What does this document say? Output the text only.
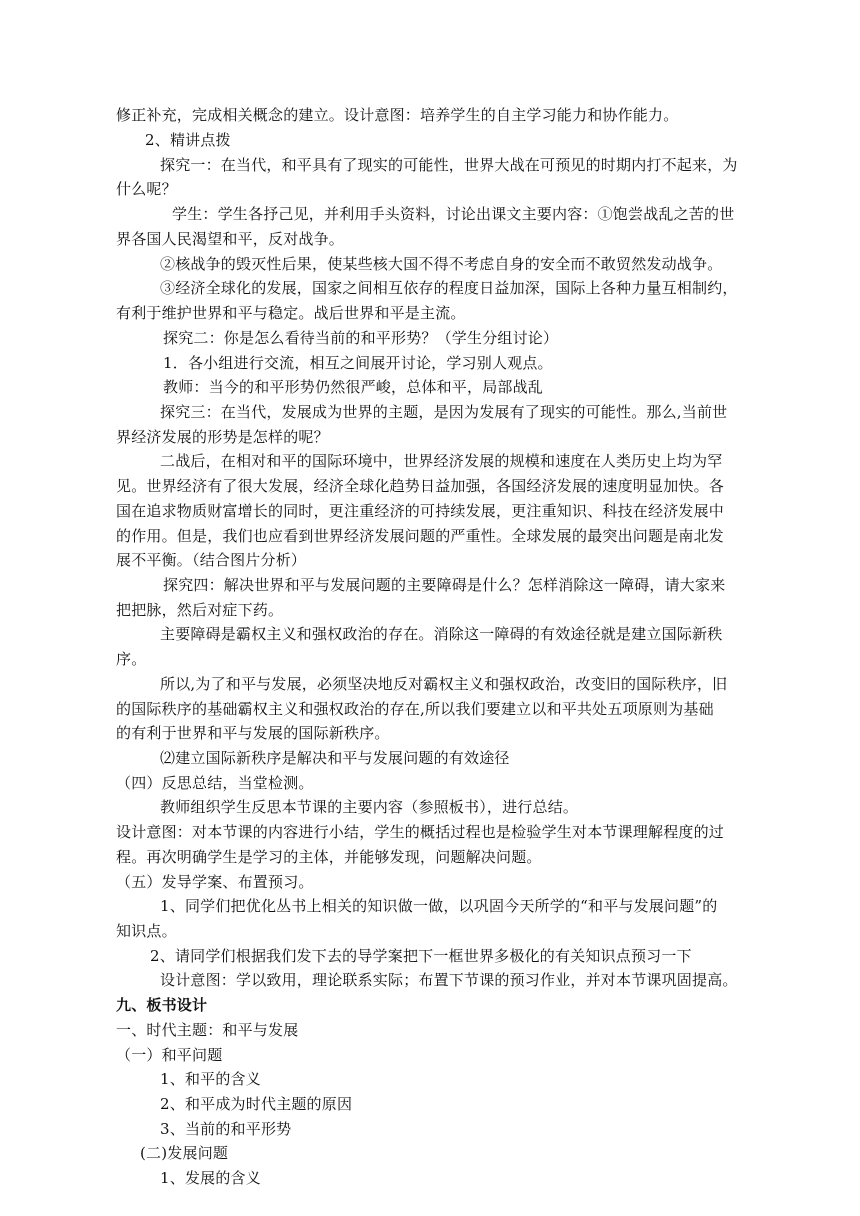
修正补充，完成相关概念的建立。设计意图：培养学生的自主学习能力和协作能力。
2、精讲点拨
探究一：在当代，和平具有了现实的可能性，世界大战在可预见的时期内打不起来，为
什么呢？
学生：学生各抒己见，并利用手头资料，讨论出课文主要内容：①饱尝战乱之苦的世
界各国人民渴望和平，反对战争。
②核战争的毁灭性后果，使某些核大国不得不考虑自身的安全而不敢贸然发动战争。
③经济全球化的发展，国家之间相互依存的程度日益加深，国际上各种力量互相制约，
有利于维护世界和平与稳定。战后世界和平是主流。
探究二：你是怎么看待当前的和平形势？（学生分组讨论）
1．各小组进行交流，相互之间展开讨论，学习别人观点。
教师：当今的和平形势仍然很严峻，总体和平，局部战乱
探究三：在当代，发展成为世界的主题，是因为发展有了现实的可能性。那么,当前世
界经济发展的形势是怎样的呢？
二战后，在相对和平的国际环境中，世界经济发展的规模和速度在人类历史上均为罕
见。世界经济有了很大发展，经济全球化趋势日益加强，各国经济发展的速度明显加快。各
国在追求物质财富增长的同时，更注重经济的可持续发展，更注重知识、科技在经济发展中
的作用。但是，我们也应看到世界经济发展问题的严重性。全球发展的最突出问题是南北发
展不平衡。（结合图片分析）
探究四：解决世界和平与发展问题的主要障碍是什么？怎样消除这一障碍，请大家来
把把脉，然后对症下药。
主要障碍是霸权主义和强权政治的存在。消除这一障碍的有效途径就是建立国际新秩
序。
所以,为了和平与发展，必须坚决地反对霸权主义和强权政治，改变旧的国际秩序，旧
的国际秩序的基础霸权主义和强权政治的存在,所以我们要建立以和平共处五项原则为基础
的有利于世界和平与发展的国际新秩序。
⑵建立国际新秩序是解决和平与发展问题的有效途径
（四）反思总结，当堂检测。
教师组织学生反思本节课的主要内容（参照板书），进行总结。
设计意图：对本节课的内容进行小结，学生的概括过程也是检验学生对本节课理解程度的过
程。再次明确学生是学习的主体，并能够发现，问题解决问题。
（五）发导学案、布置预习。
1、同学们把优化丛书上相关的知识做一做，以巩固今天所学的“和平与发展问题”的
知识点。
2、请同学们根据我们发下去的导学案把下一框世界多极化的有关知识点预习一下
设计意图：学以致用，理论联系实际；布置下节课的预习作业，并对本节课巩固提高。
九、板书设计
一、时代主题：和平与发展
（一）和平问题
1、和平的含义
2、和平成为时代主题的原因
3、当前的和平形势
(二)发展问题
1、发展的含义
